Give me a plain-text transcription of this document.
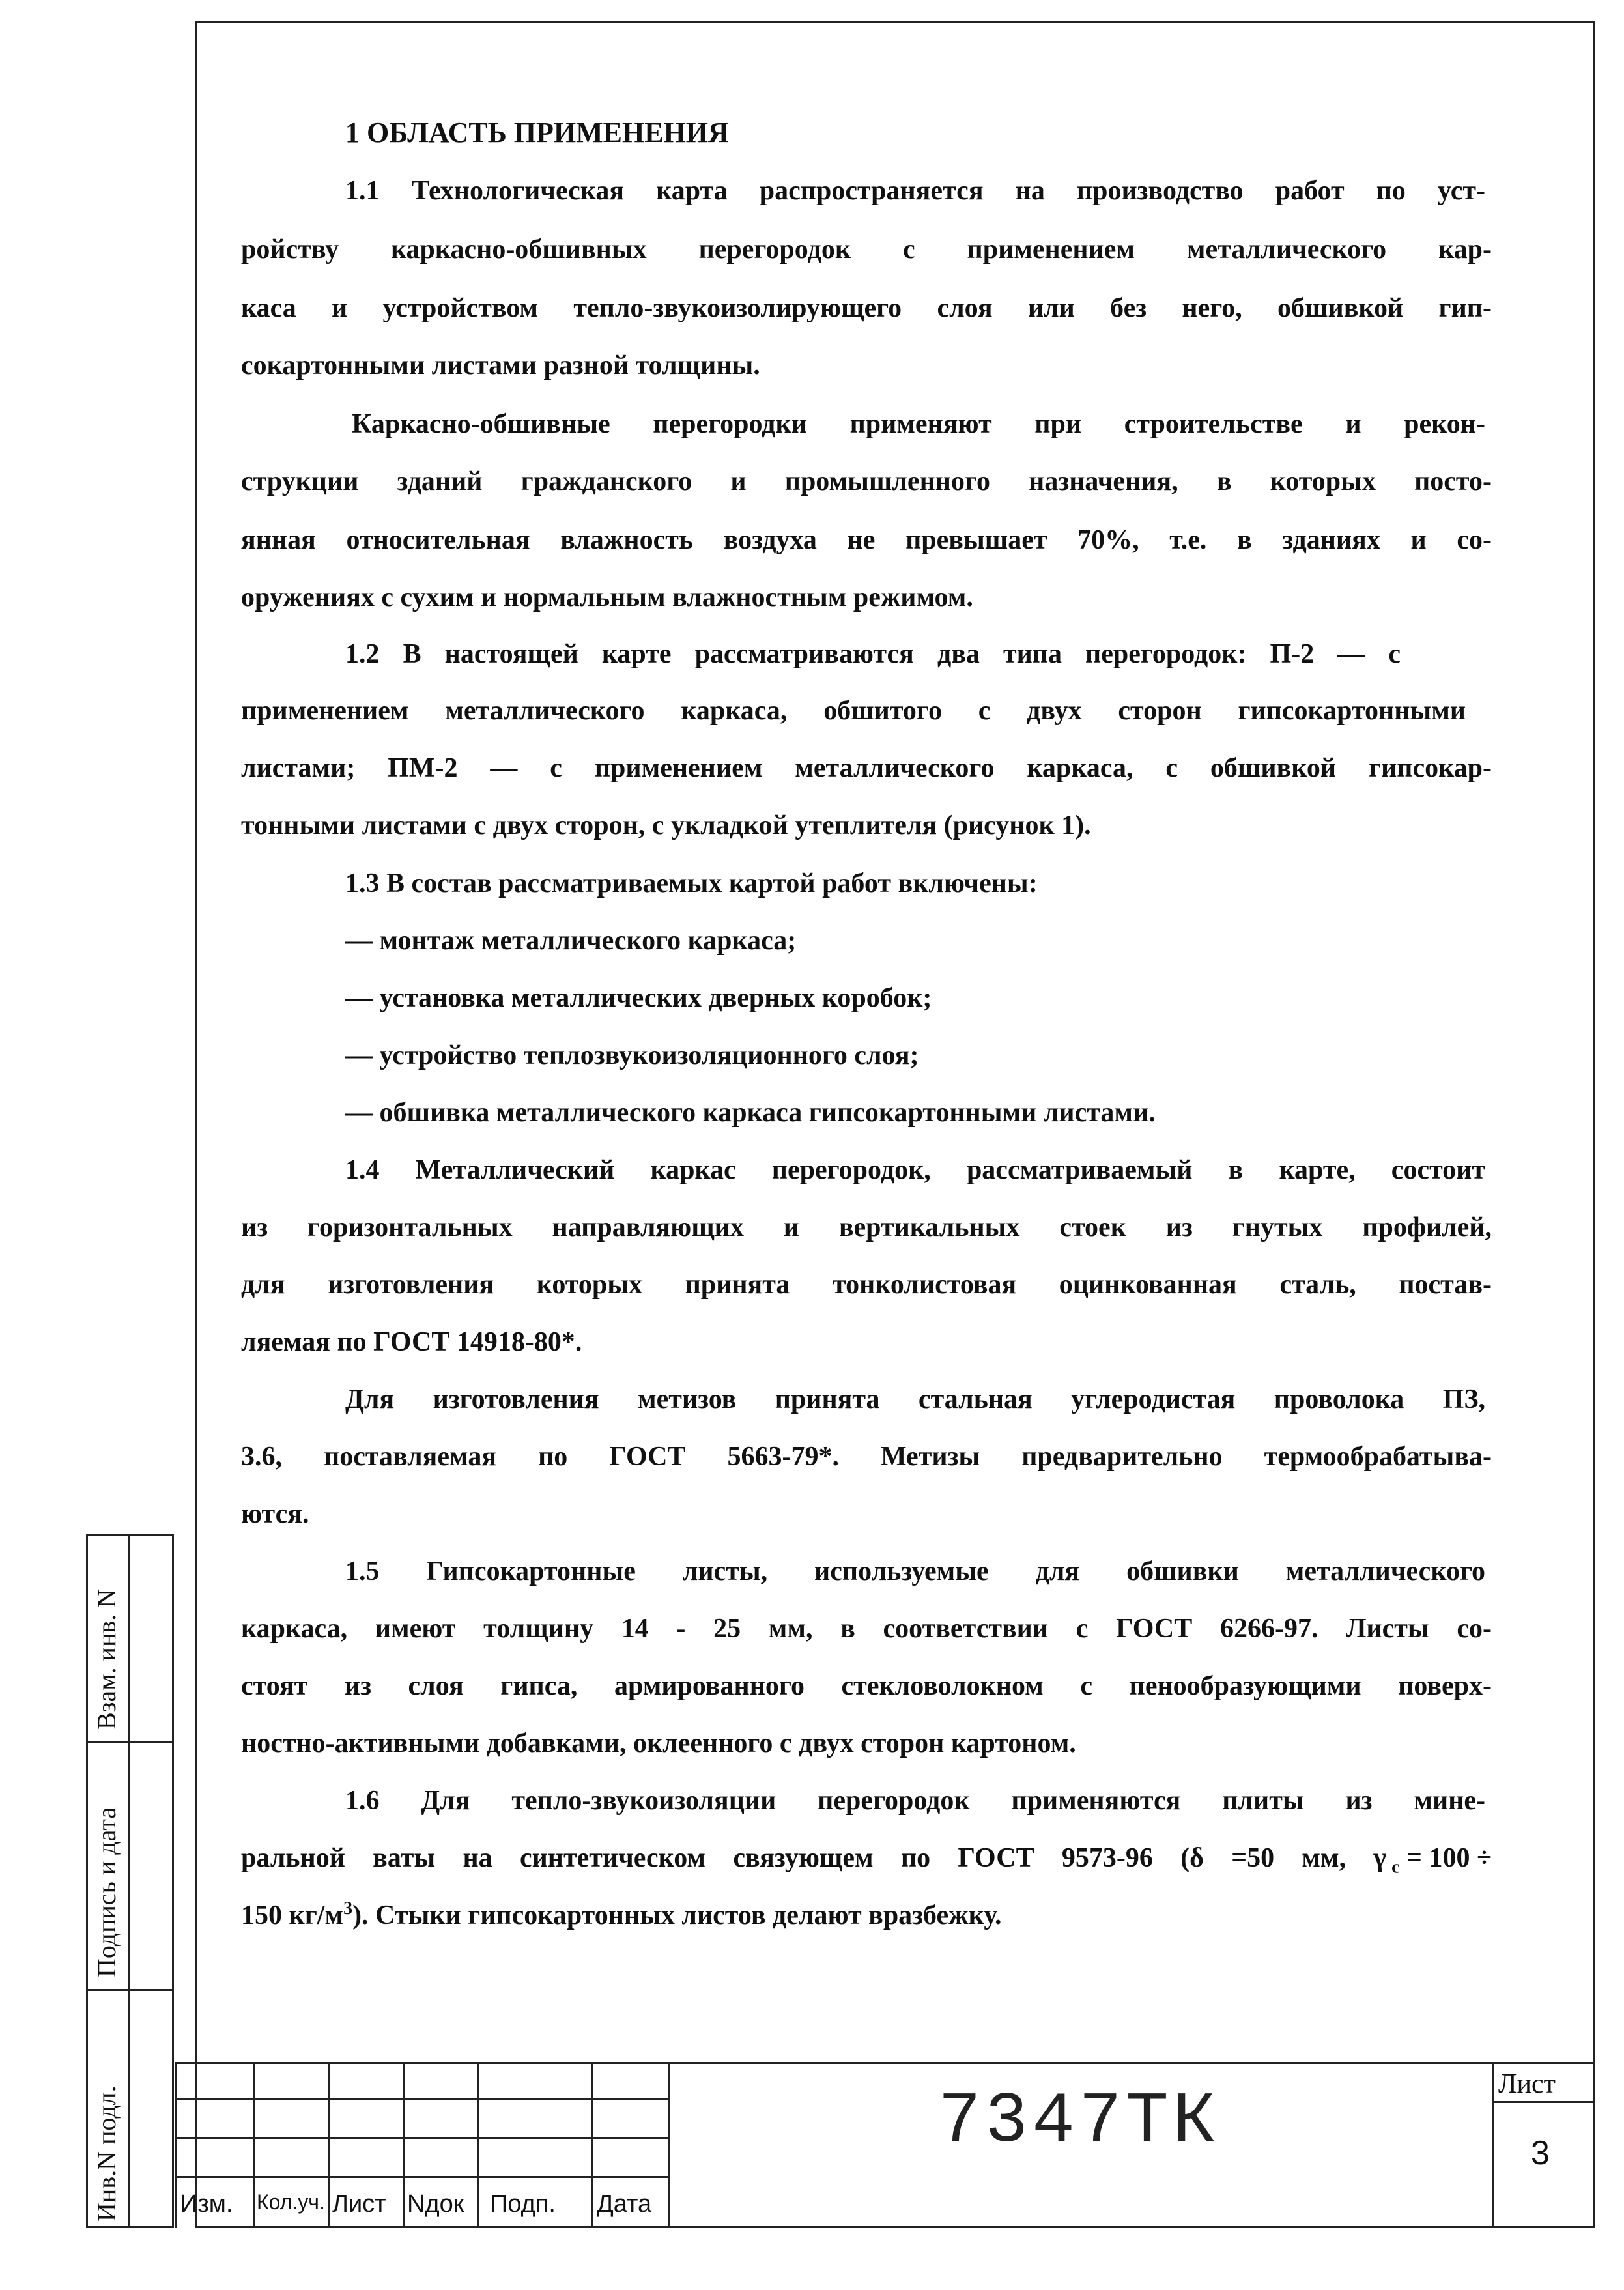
1 ОБЛАСТЬ ПРИМЕНЕНИЯ
1.1 Технологическая карта распространяется на производство работ по уст-
ройству каркасно-обшивных перегородок с применением металлического кар-
каса и устройством тепло-звукоизолирующего слоя или без него, обшивкой гип-
сокартонными листами разной толщины.
Каркасно-обшивные перегородки применяют при строительстве и рекон-
струкции зданий гражданского и промышленного назначения, в которых посто-
янная относительная влажность воздуха не превышает 70%, т.е. в зданиях и со-
оружениях с сухим и нормальным влажностным режимом.
1.2 В настоящей карте рассматриваются два типа перегородок: П-2 — с
применением металлического каркаса, обшитого с двух сторон гипсокартонными
листами; ПМ-2 — с применением металлического каркаса, с обшивкой гипсокар-
тонными листами с двух сторон, с укладкой утеплителя (рисунок 1).
1.3 В состав рассматриваемых картой работ включены:
— монтаж металлического каркаса;
— установка металлических дверных коробок;
— устройство теплозвукоизоляционного слоя;
— обшивка металлического каркаса гипсокартонными листами.
1.4 Металлический каркас перегородок, рассматриваемый в карте, состоит
из горизонтальных направляющих и вертикальных стоек из гнутых профилей,
для изготовления которых принята тонколистовая оцинкованная сталь, постав-
ляемая по ГОСТ 14918-80*.
Для изготовления метизов принята стальная углеродистая проволока ПЗ,
3.6, поставляемая по ГОСТ 5663-79*. Метизы предварительно термообрабатыва-
ются.
1.5 Гипсокартонные листы, используемые для обшивки металлического
каркаса, имеют толщину 14 - 25 мм, в соответствии с ГОСТ 6266-97. Листы со-
стоят из слоя гипса, армированного стекловолокном с пенообразующими поверх-
ностно-активными добавками, оклеенного с двух сторон картоном.
1.6 Для тепло-звукоизоляции перегородок применяются плиты из мине-
ральной ваты на синтетическом связующем по ГОСТ 9573-96 (δ =50 мм, γ $_c$ = 100 ÷
150 $кг/м^3$). Стыки гипсокартонных листов делают вразбежку.
Инв.N подл.
Подпись и дата
Взам. инв. N
Изм. Кол.уч. Лист Nдок Подп. Дата
7347ТК	Лист
3
